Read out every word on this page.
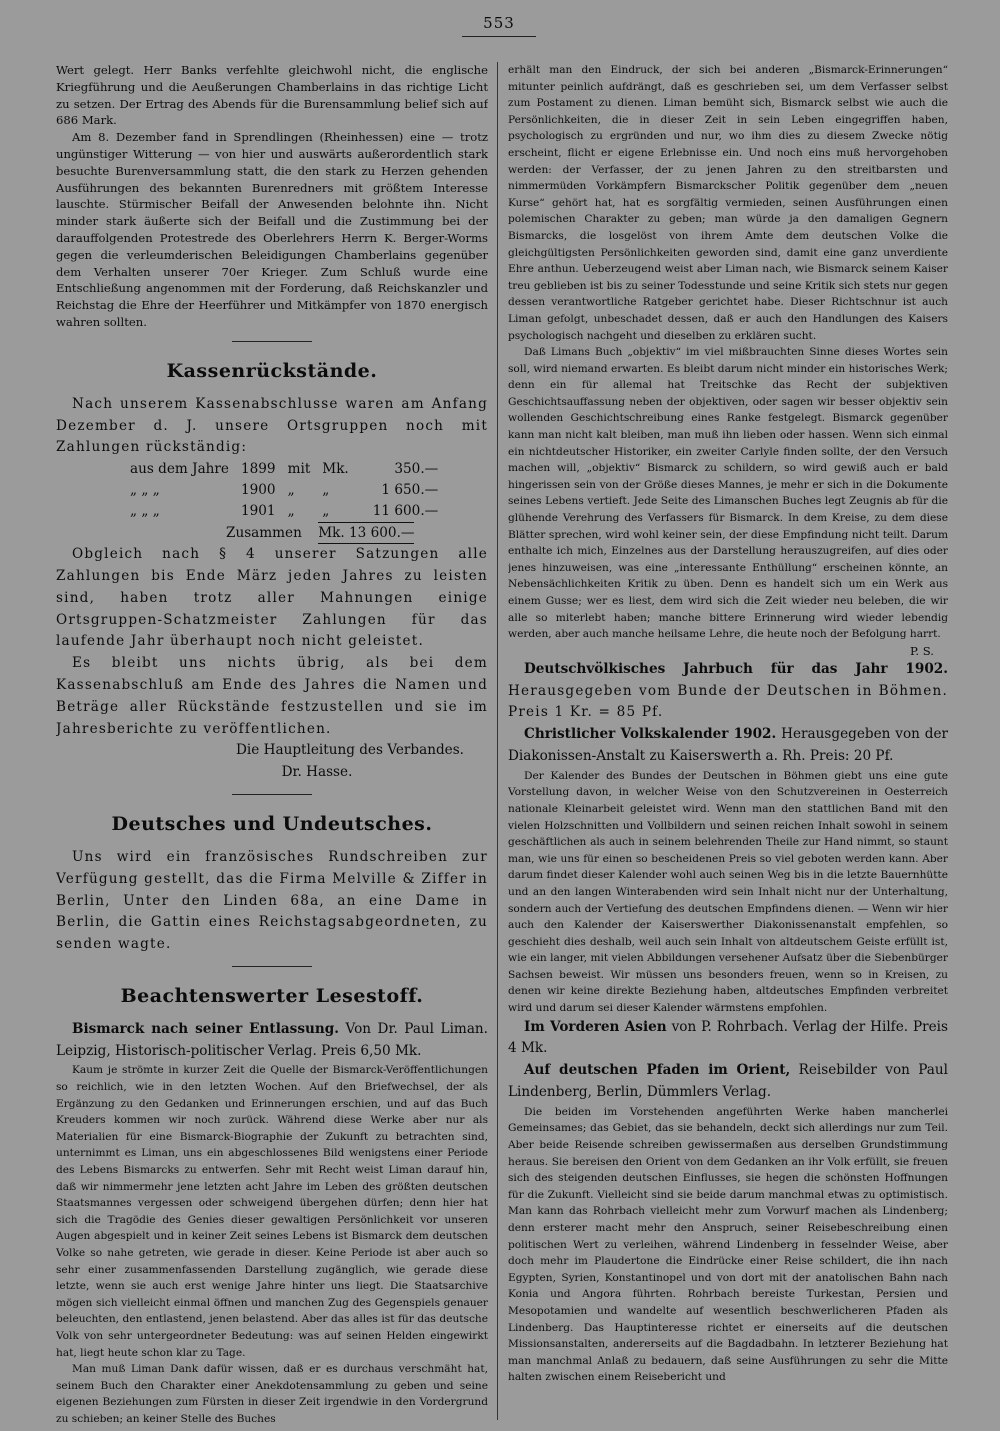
553

Wert gelegt. Herr Banks verfehlte gleichwohl nicht, die englische Kriegführung und die Aeußerungen Chamberlains in das richtige Licht zu setzen. Der Ertrag des Abends für die Burensammlung belief sich auf 686 Mark.

Am 8. Dezember fand in Sprendlingen (Rheinhessen) eine — trotz ungünstiger Witterung — von hier und auswärts außerordentlich stark besuchte Burenversammlung statt, die den stark zu Herzen gehenden Ausführungen des bekannten Burenredners mit größtem Interesse lauschte. Stürmischer Beifall der Anwesenden belohnte ihn. Nicht minder stark äußerte sich der Beifall und die Zustimmung bei der darauffolgenden Protestrede des Oberlehrers Herrn K. Berger-Worms gegen die verleumderischen Beleidigungen Chamberlains gegenüber dem Verhalten unserer 70er Krieger. Zum Schluß wurde eine Entschließung angenommen mit der Forderung, daß Reichskanzler und Reichstag die Ehre der Heerführer und Mitkämpfer von 1870 energisch wahren sollten.

Kassenrückstände.

Nach unserem Kassenabschlusse waren am Anfang Dezember d. J. unsere Ortsgruppen noch mit Zahlungen rückständig:

aus dem Jahre	1899	mit	Mk.	350.—
„ „ „	1900	„	„	1 650.—
„ „ „	1901	„	„	11 600.—
Zusammen Mk. 13 600.—

Obgleich nach § 4 unserer Satzungen alle Zahlungen bis Ende März jeden Jahres zu leisten sind, haben trotz aller Mahnungen einige Ortsgruppen-Schatzmeister Zahlungen für das laufende Jahr überhaupt noch nicht geleistet.

Es bleibt uns nichts übrig, als bei dem Kassenabschluß am Ende des Jahres die Namen und Beträge aller Rückstände festzustellen und sie im Jahresberichte zu veröffentlichen.

Die Hauptleitung des Verbandes.

Dr. Hasse.

Deutsches und Undeutsches.

Uns wird ein französisches Rundschreiben zur Verfügung gestellt, das die Firma Melville & Ziffer in Berlin, Unter den Linden 68a, an eine Dame in Berlin, die Gattin eines Reichstagsabgeordneten, zu senden wagte.

Beachtenswerter Lesestoff.

Bismarck nach seiner Entlassung. Von Dr. Paul Liman. Leipzig, Historisch-politischer Verlag. Preis 6,50 Mk.

Kaum je strömte in kurzer Zeit die Quelle der Bismarck-Veröffentlichungen so reichlich, wie in den letzten Wochen. Auf den Briefwechsel, der als Ergänzung zu den Gedanken und Erinnerungen erschien, und auf das Buch Kreuders kommen wir noch zurück. Während diese Werke aber nur als Materialien für eine Bismarck-Biographie der Zukunft zu betrachten sind, unternimmt es Liman, uns ein abgeschlossenes Bild wenigstens einer Periode des Lebens Bismarcks zu entwerfen. Sehr mit Recht weist Liman darauf hin, daß wir nimmermehr jene letzten acht Jahre im Leben des größten deutschen Staatsmannes vergessen oder schweigend übergehen dürfen; denn hier hat sich die Tragödie des Genies dieser gewaltigen Persönlichkeit vor unseren Augen abgespielt und in keiner Zeit seines Lebens ist Bismarck dem deutschen Volke so nahe getreten, wie gerade in dieser. Keine Periode ist aber auch so sehr einer zusammenfassenden Darstellung zugänglich, wie gerade diese letzte, wenn sie auch erst wenige Jahre hinter uns liegt. Die Staatsarchive mögen sich vielleicht einmal öffnen und manchen Zug des Gegenspiels genauer beleuchten, den entlastend, jenen belastend. Aber das alles ist für das deutsche Volk von sehr untergeordneter Bedeutung: was auf seinen Helden eingewirkt hat, liegt heute schon klar zu Tage.

Man muß Liman Dank dafür wissen, daß er es durchaus verschmäht hat, seinem Buch den Charakter einer Anekdotensammlung zu geben und seine eigenen Beziehungen zum Fürsten in dieser Zeit irgendwie in den Vordergrund zu schieben; an keiner Stelle des Buches

erhält man den Eindruck, der sich bei anderen „Bismarck-Erinnerungen“ mitunter peinlich aufdrängt, daß es geschrieben sei, um dem Verfasser selbst zum Postament zu dienen. Liman bemüht sich, Bismarck selbst wie auch die Persönlichkeiten, die in dieser Zeit in sein Leben eingegriffen haben, psychologisch zu ergründen und nur, wo ihm dies zu diesem Zwecke nötig erscheint, flicht er eigene Erlebnisse ein. Und noch eins muß hervorgehoben werden: der Verfasser, der zu jenen Jahren zu den streitbarsten und nimmermüden Vorkämpfern Bismarckscher Politik gegenüber dem „neuen Kurse“ gehört hat, hat es sorgfältig vermieden, seinen Ausführungen einen polemischen Charakter zu geben; man würde ja den damaligen Gegnern Bismarcks, die losgelöst von ihrem Amte dem deutschen Volke die gleichgültigsten Persönlichkeiten geworden sind, damit eine ganz unverdiente Ehre anthun. Ueberzeugend weist aber Liman nach, wie Bismarck seinem Kaiser treu geblieben ist bis zu seiner Todesstunde und seine Kritik sich stets nur gegen dessen verantwortliche Ratgeber gerichtet habe. Dieser Richtschnur ist auch Liman gefolgt, unbeschadet dessen, daß er auch den Handlungen des Kaisers psychologisch nachgeht und dieselben zu erklären sucht.

Daß Limans Buch „objektiv“ im viel mißbrauchten Sinne dieses Wortes sein soll, wird niemand erwarten. Es bleibt darum nicht minder ein historisches Werk; denn ein für allemal hat Treitschke das Recht der subjektiven Geschichtsauffassung neben der objektiven, oder sagen wir besser objektiv sein wollenden Geschichtschreibung eines Ranke festgelegt. Bismarck gegenüber kann man nicht kalt bleiben, man muß ihn lieben oder hassen. Wenn sich einmal ein nichtdeutscher Historiker, ein zweiter Carlyle finden sollte, der den Versuch machen will, „objektiv“ Bismarck zu schildern, so wird gewiß auch er bald hingerissen sein von der Größe dieses Mannes, je mehr er sich in die Dokumente seines Lebens vertieft. Jede Seite des Limanschen Buches legt Zeugnis ab für die glühende Verehrung des Verfassers für Bismarck. In dem Kreise, zu dem diese Blätter sprechen, wird wohl keiner sein, der diese Empfindung nicht teilt. Darum enthalte ich mich, Einzelnes aus der Darstellung herauszugreifen, auf dies oder jenes hinzuweisen, was eine „interessante Enthüllung“ erscheinen könnte, an Nebensächlichkeiten Kritik zu üben. Denn es handelt sich um ein Werk aus einem Gusse; wer es liest, dem wird sich die Zeit wieder neu beleben, die wir alle so miterlebt haben; manche bittere Erinnerung wird wieder lebendig werden, aber auch manche heilsame Lehre, die heute noch der Befolgung harrt.

P. S.

Deutschvölkisches Jahrbuch für das Jahr 1902. Herausgegeben vom Bunde der Deutschen in Böhmen. Preis 1 Kr. = 85 Pf.

Christlicher Volkskalender 1902. Herausgegeben von der Diakonissen-Anstalt zu Kaiserswerth a. Rh. Preis: 20 Pf.

Der Kalender des Bundes der Deutschen in Böhmen giebt uns eine gute Vorstellung davon, in welcher Weise von den Schutzvereinen in Oesterreich nationale Kleinarbeit geleistet wird. Wenn man den stattlichen Band mit den vielen Holzschnitten und Vollbildern und seinen reichen Inhalt sowohl in seinem geschäftlichen als auch in seinem belehrenden Theile zur Hand nimmt, so staunt man, wie uns für einen so bescheidenen Preis so viel geboten werden kann. Aber darum findet dieser Kalender wohl auch seinen Weg bis in die letzte Bauernhütte und an den langen Winterabenden wird sein Inhalt nicht nur der Unterhaltung, sondern auch der Vertiefung des deutschen Empfindens dienen. — Wenn wir hier auch den Kalender der Kaiserswerther Diakonissenanstalt empfehlen, so geschieht dies deshalb, weil auch sein Inhalt von altdeutschem Geiste erfüllt ist, wie ein langer, mit vielen Abbildungen versehener Aufsatz über die Siebenbürger Sachsen beweist. Wir müssen uns besonders freuen, wenn so in Kreisen, zu denen wir keine direkte Beziehung haben, altdeutsches Empfinden verbreitet wird und darum sei dieser Kalender wärmstens empfohlen.

Im Vorderen Asien von P. Rohrbach. Verlag der Hilfe. Preis 4 Mk.

Auf deutschen Pfaden im Orient, Reisebilder von Paul Lindenberg, Berlin, Dümmlers Verlag.

Die beiden im Vorstehenden angeführten Werke haben mancherlei Gemeinsames; das Gebiet, das sie behandeln, deckt sich allerdings nur zum Teil. Aber beide Reisende schreiben gewissermaßen aus derselben Grundstimmung heraus. Sie bereisen den Orient von dem Gedanken an ihr Volk erfüllt, sie freuen sich des steigenden deutschen Einflusses, sie hegen die schönsten Hoffnungen für die Zukunft. Vielleicht sind sie beide darum manchmal etwas zu optimistisch. Man kann das Rohrbach vielleicht mehr zum Vorwurf machen als Lindenberg; denn ersterer macht mehr den Anspruch, seiner Reisebeschreibung einen politischen Wert zu verleihen, während Lindenberg in fesselnder Weise, aber doch mehr im Plaudertone die Eindrücke einer Reise schildert, die ihn nach Egypten, Syrien, Konstantinopel und von dort mit der anatolischen Bahn nach Konia und Angora führten. Rohrbach bereiste Turkestan, Persien und Mesopotamien und wandelte auf wesentlich beschwerlicheren Pfaden als Lindenberg. Das Hauptinteresse richtet er einerseits auf die deutschen Missionsanstalten, andererseits auf die Bagdadbahn. In letzterer Beziehung hat man manchmal Anlaß zu bedauern, daß seine Ausführungen zu sehr die Mitte halten zwischen einem Reisebericht und
